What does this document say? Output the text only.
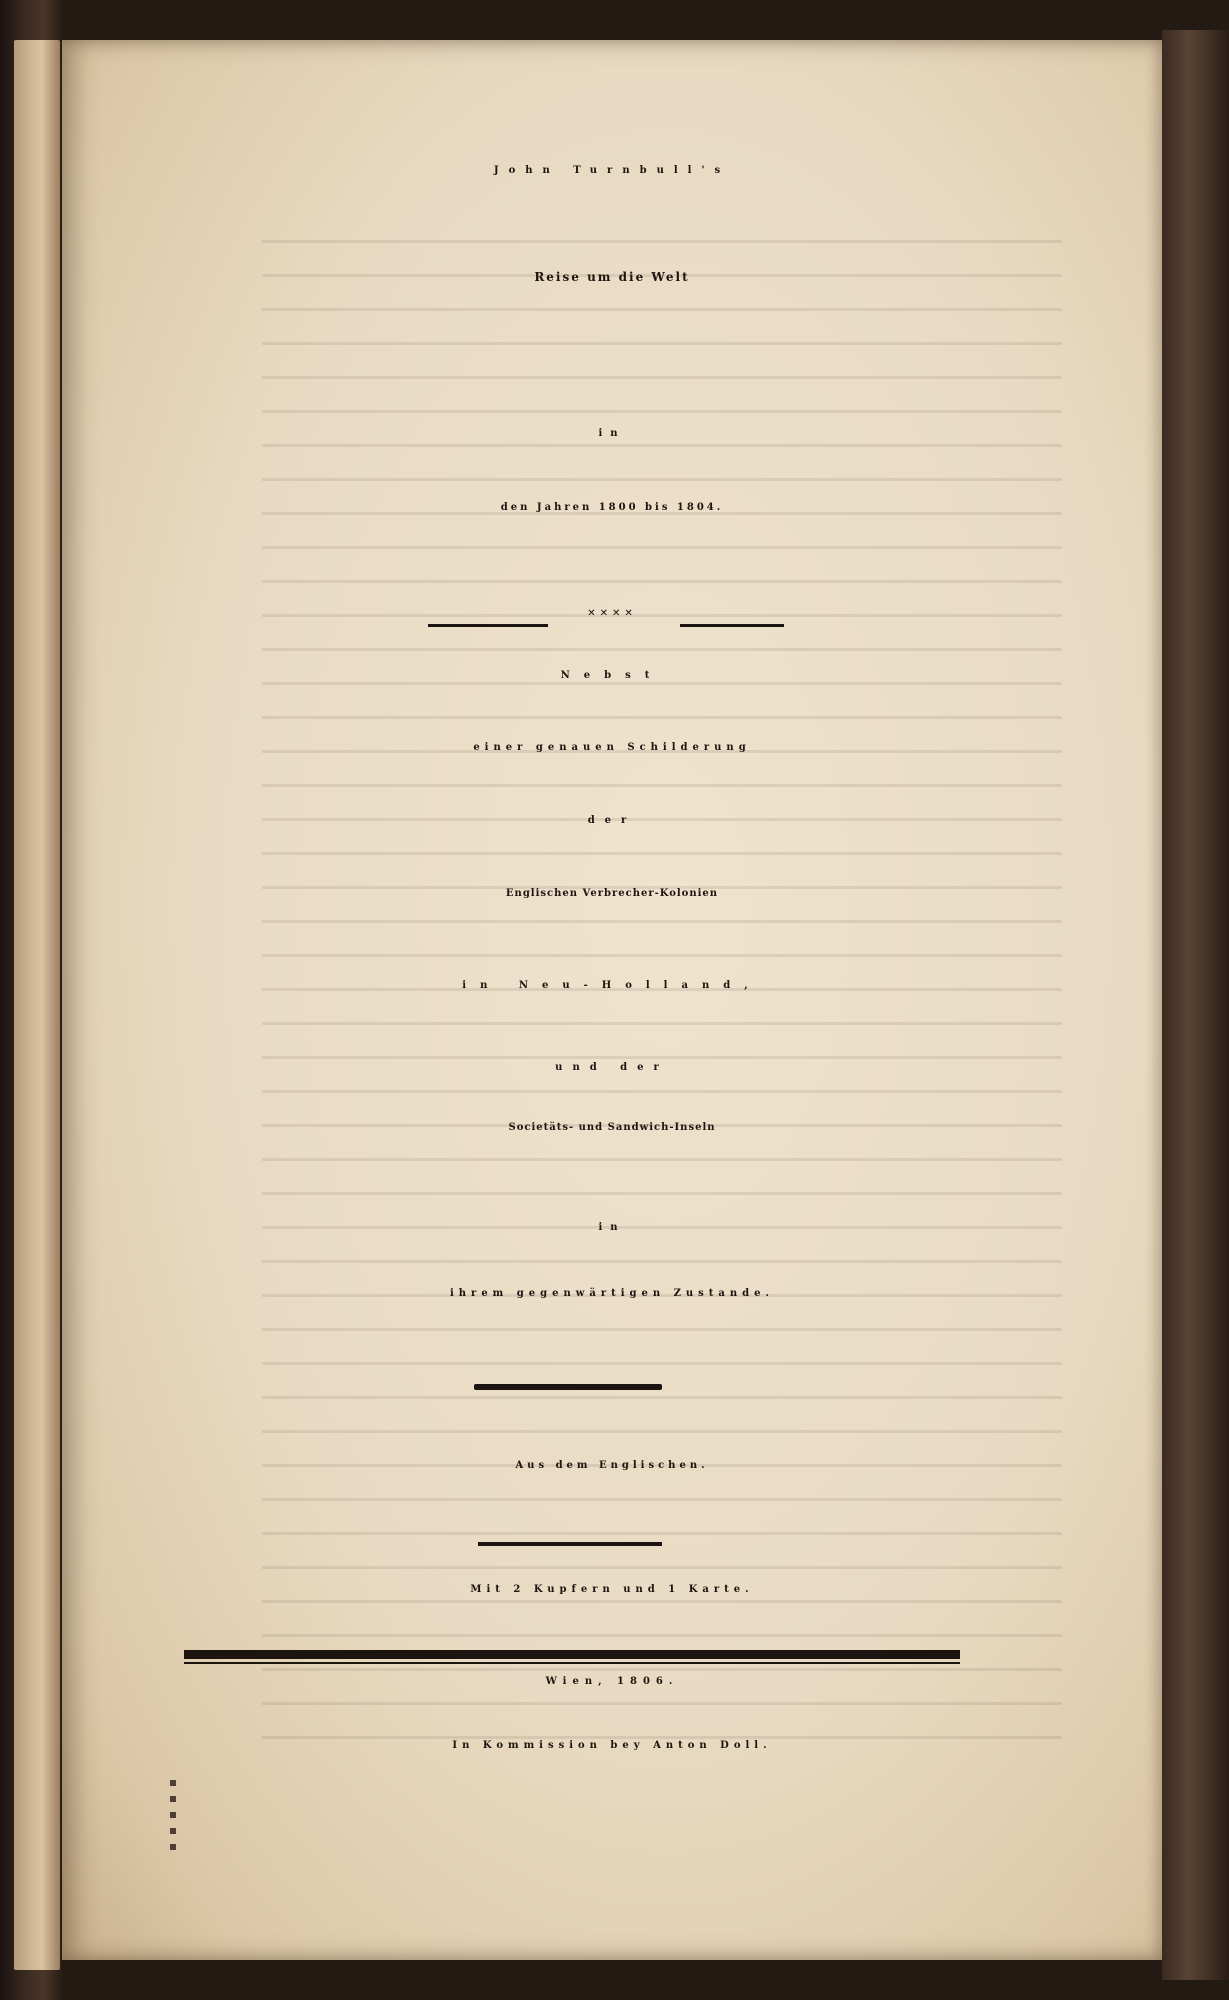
John Turnbull's
Reise um die Welt
in
den Jahren 1800 bis 1804.
✕✕✕✕
Nebst
einer genauen Schilderung
der
Englischen Verbrecher-Kolonien
in Neu-Holland,
und der
Societäts- und Sandwich-Inseln
in
ihrem gegenwärtigen Zustande.
Aus dem Englischen.
Mit 2 Kupfern und 1 Karte.
Wien, 1806.
In Kommission bey Anton Doll.
